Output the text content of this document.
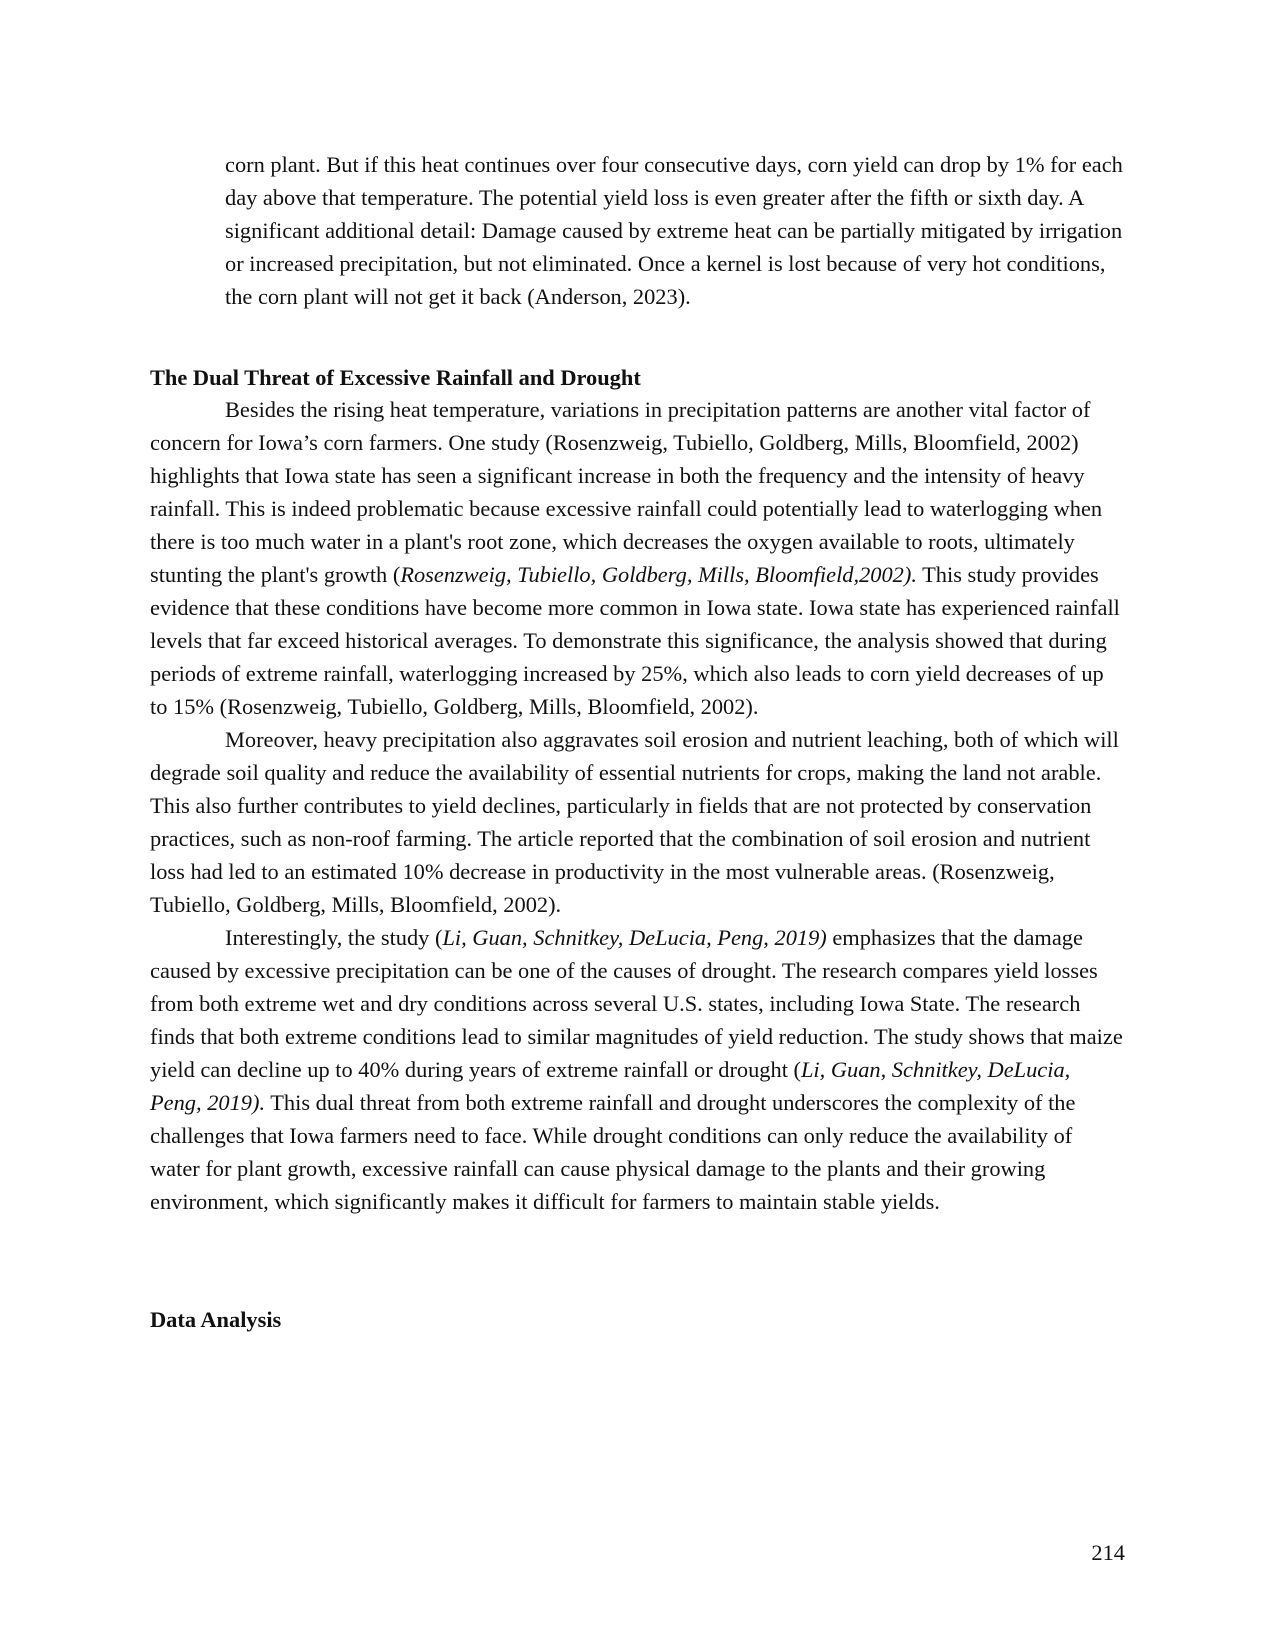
corn plant. But if this heat continues over four consecutive days, corn yield can drop by 1% for each day above that temperature. The potential yield loss is even greater after the fifth or sixth day. A significant additional detail: Damage caused by extreme heat can be partially mitigated by irrigation or increased precipitation, but not eliminated. Once a kernel is lost because of very hot conditions, the corn plant will not get it back (Anderson, 2023).

The Dual Threat of Excessive Rainfall and Drought

Besides the rising heat temperature, variations in precipitation patterns are another vital factor of concern for Iowa’s corn farmers. One study (Rosenzweig, Tubiello, Goldberg, Mills, Bloomfield, 2002) highlights that Iowa state has seen a significant increase in both the frequency and the intensity of heavy rainfall. This is indeed problematic because excessive rainfall could potentially lead to waterlogging when there is too much water in a plant's root zone, which decreases the oxygen available to roots, ultimately stunting the plant's growth (Rosenzweig, Tubiello, Goldberg, Mills, Bloomfield,2002). This study provides evidence that these conditions have become more common in Iowa state. Iowa state has experienced rainfall levels that far exceed historical averages. To demonstrate this significance, the analysis showed that during periods of extreme rainfall, waterlogging increased by 25%, which also leads to corn yield decreases of up to 15% (Rosenzweig, Tubiello, Goldberg, Mills, Bloomfield, 2002).

Moreover, heavy precipitation also aggravates soil erosion and nutrient leaching, both of which will degrade soil quality and reduce the availability of essential nutrients for crops, making the land not arable. This also further contributes to yield declines, particularly in fields that are not protected by conservation practices, such as non-roof farming. The article reported that the combination of soil erosion and nutrient loss had led to an estimated 10% decrease in productivity in the most vulnerable areas. (Rosenzweig, Tubiello, Goldberg, Mills, Bloomfield, 2002).

Interestingly, the study (Li, Guan, Schnitkey, DeLucia, Peng, 2019) emphasizes that the damage caused by excessive precipitation can be one of the causes of drought. The research compares yield losses from both extreme wet and dry conditions across several U.S. states, including Iowa State. The research finds that both extreme conditions lead to similar magnitudes of yield reduction. The study shows that maize yield can decline up to 40% during years of extreme rainfall or drought (Li, Guan, Schnitkey, DeLucia, Peng, 2019). This dual threat from both extreme rainfall and drought underscores the complexity of the challenges that Iowa farmers need to face. While drought conditions can only reduce the availability of water for plant growth, excessive rainfall can cause physical damage to the plants and their growing environment, which significantly makes it difficult for farmers to maintain stable yields.

Data Analysis
214
